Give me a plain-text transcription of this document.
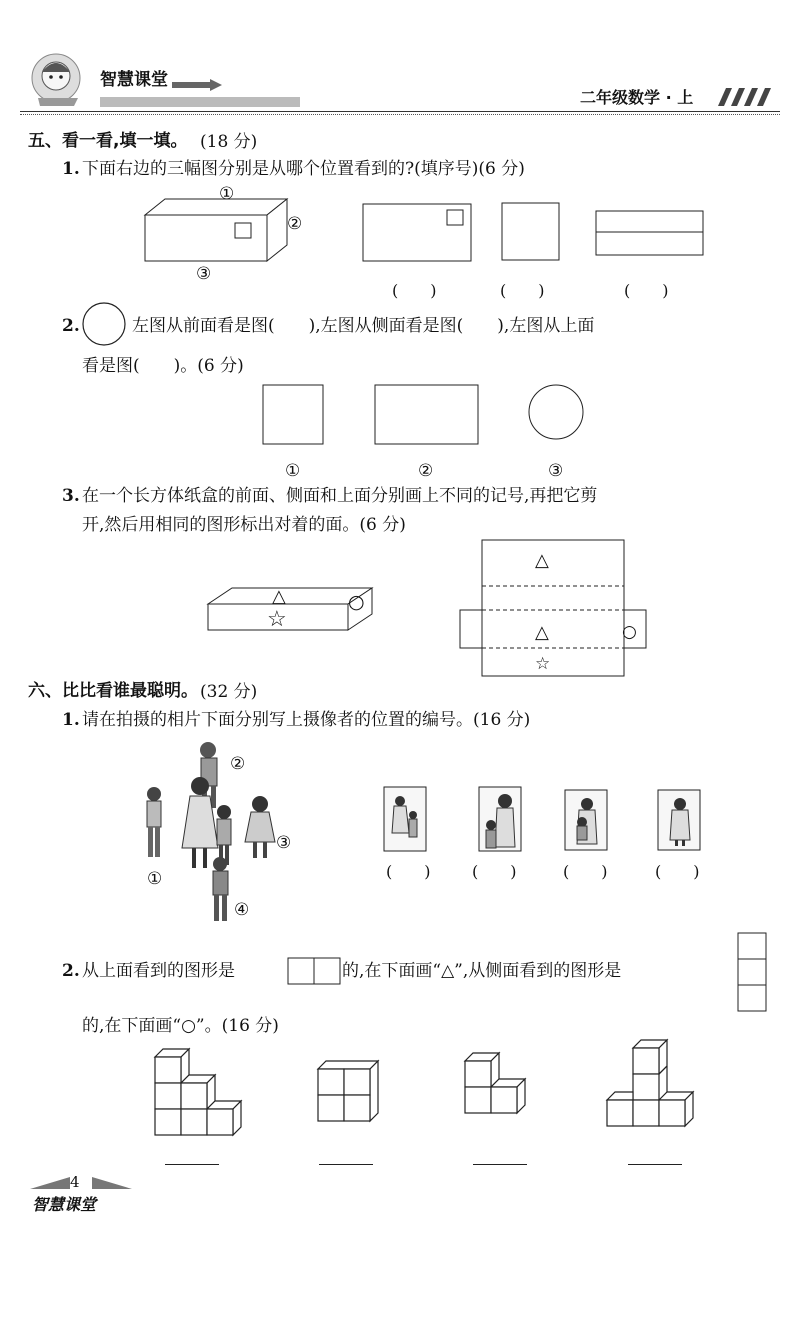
智慧课堂
二年级数学 · 上
五、看一看,填一填。 (18 分)
1. 下面右边的三幅图分别是从哪个位置看到的?(填序号)(6 分)
①
②
③
(　　)	(　　)	(　　)
2.	左图从前面看是图(　　),左图从侧面看是图(　　),左图从上面
看是图(　　)。(6 分)
①	②	③
3. 在一个长方体纸盒的前面、侧面和上面分别画上不同的记号,再把它剪
开,然后用相同的图形标出对着的面。(6 分)
△
☆
○
△
△	○
☆
六、比比看谁最聪明。 (32 分)
1. 请在拍摄的相片下面分别写上摄像者的位置的编号。(16 分)
②
③
①
④
(　　)	(　　)	(　　)	(　　)
2. 从上面看到的图形是	的,在下面画“△”,从侧面看到的图形是
的,在下面画“○”。(16 分)
4
智慧课堂
